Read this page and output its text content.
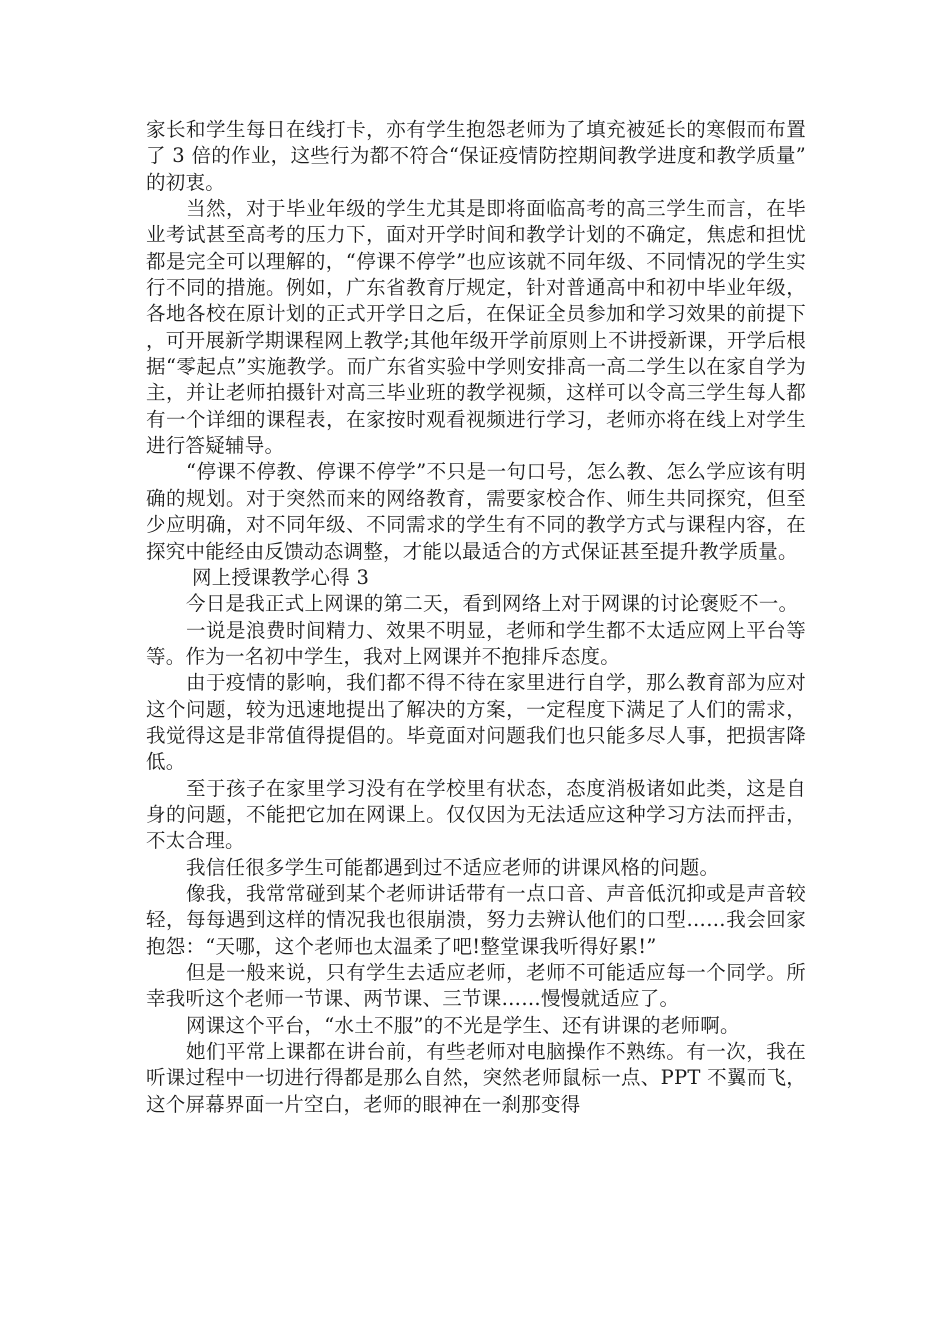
家长和学生每日在线打卡，亦有学生抱怨老师为了填充被延长的寒假而布置了 3 倍的作业，这些行为都不符合“保证疫情防控期间教学进度和教学质量”的初衷。

当然，对于毕业年级的学生尤其是即将面临高考的高三学生而言，在毕业考试甚至高考的压力下，面对开学时间和教学计划的不确定，焦虑和担忧都是完全可以理解的，“停课不停学”也应该就不同年级、不同情况的学生实行不同的措施。例如，广东省教育厅规定，针对普通高中和初中毕业年级，各地各校在原计划的正式开学日之后，在保证全员参加和学习效果的前提下，可开展新学期课程网上教学;其他年级开学前原则上不讲授新课，开学后根据“零起点”实施教学。而广东省实验中学则安排高一高二学生以在家自学为主，并让老师拍摄针对高三毕业班的教学视频，这样可以令高三学生每人都有一个详细的课程表，在家按时观看视频进行学习，老师亦将在线上对学生进行答疑辅导。

“停课不停教、停课不停学”不只是一句口号，怎么教、怎么学应该有明确的规划。对于突然而来的网络教育，需要家校合作、师生共同探究，但至少应明确，对不同年级、不同需求的学生有不同的教学方式与课程内容，在探究中能经由反馈动态调整，才能以最适合的方式保证甚至提升教学质量。

网上授课教学心得 3

今日是我正式上网课的第二天，看到网络上对于网课的讨论褒贬不一。

一说是浪费时间精力、效果不明显，老师和学生都不太适应网上平台等等。作为一名初中学生，我对上网课并不抱排斥态度。

由于疫情的影响，我们都不得不待在家里进行自学，那么教育部为应对这个问题，较为迅速地提出了解决的方案，一定程度下满足了人们的需求，我觉得这是非常值得提倡的。毕竟面对问题我们也只能多尽人事，把损害降低。

至于孩子在家里学习没有在学校里有状态，态度消极诸如此类，这是自身的问题，不能把它加在网课上。仅仅因为无法适应这种学习方法而抨击，不太合理。

我信任很多学生可能都遇到过不适应老师的讲课风格的问题。

像我，我常常碰到某个老师讲话带有一点口音、声音低沉抑或是声音较轻，每每遇到这样的情况我也很崩溃，努力去辨认他们的口型……我会回家抱怨：“天哪，这个老师也太温柔了吧!整堂课我听得好累!”

但是一般来说，只有学生去适应老师，老师不可能适应每一个同学。所幸我听这个老师一节课、两节课、三节课……慢慢就适应了。

网课这个平台，“水土不服”的不光是学生、还有讲课的老师啊。

她们平常上课都在讲台前，有些老师对电脑操作不熟练。有一次，我在听课过程中一切进行得都是那么自然，突然老师鼠标一点、PPT 不翼而飞，这个屏幕界面一片空白，老师的眼神在一刹那变得
